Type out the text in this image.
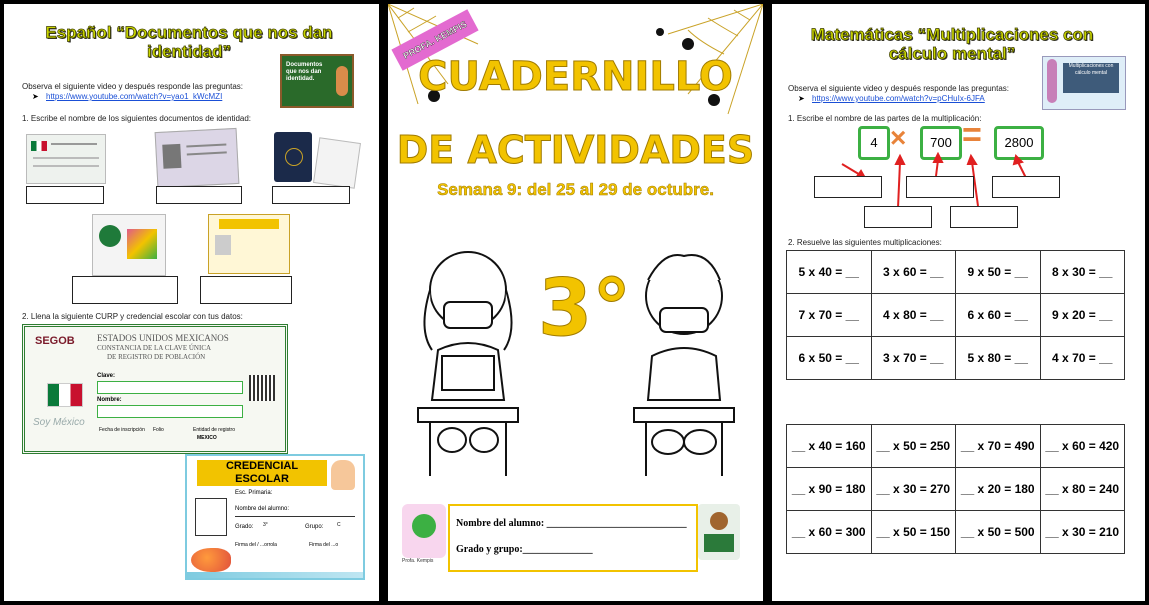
Español “Documentos que nos dan identidad”
Documentos que nos dan identidad.
Observa el siguiente video y después responde las preguntas:
➤ https://www.youtube.com/watch?v=yao1_kWcMZI
1. Escribe el nombre de los siguientes documentos de identidad:
2. Llena la siguiente CURP y credencial escolar con tus datos:
SEGOB ESTADOS UNIDOS MEXICANOS
CONSTANCIA DE LA CLAVE ÚNICA
DE REGISTRO DE POBLACIÓN
Clave:
Nombre:
Soy México
Fecha de inscripción Folio	Entidad de registro
MEXICO
CREDENCIAL
ESCOLAR
Esc. Primaria:
Nombre del alumno:
Grado: 3°	Grupo:	C
Firma del / ...orrola	Firma del ...o
PROFA. KEMPIS
CUADERNILLO
DE ACTIVIDADES
Semana 9: del 25 al 29 de octubre.
3°
Profa. Kempis
Nombre del alumno: ____________________________
Grado y grupo:______________
Matemáticas “Multiplicaciones con cálculo mental”
Multiplicaciones con cálculo mental
Observa el siguiente video y después responde las preguntas:
➤ https://www.youtube.com/watch?v=pCHuIx-6JFA
1. Escribe el nombre de las partes de la multiplicación:
4 ×	700 =	2800
2. Resuelve las siguientes multiplicaciones:
5 x 40 = __	3 x 60 = __	9 x 50 = __	8 x 30 = __
7 x 70 = __	4 x 80 = __	6 x 60 = __	9 x 20 = __
6 x 50 = __	3 x 70 = __	5 x 80 = __	4 x 70 = __
__ x 40 = 160	__ x 50 = 250	__ x 70 = 490	__ x 60 = 420
__ x 90 = 180	__ x 30 = 270	__ x 20 = 180	__ x 80 = 240
__ x 60 = 300	__ x 50 = 150	__ x 50 = 500	__ x 30 = 210
